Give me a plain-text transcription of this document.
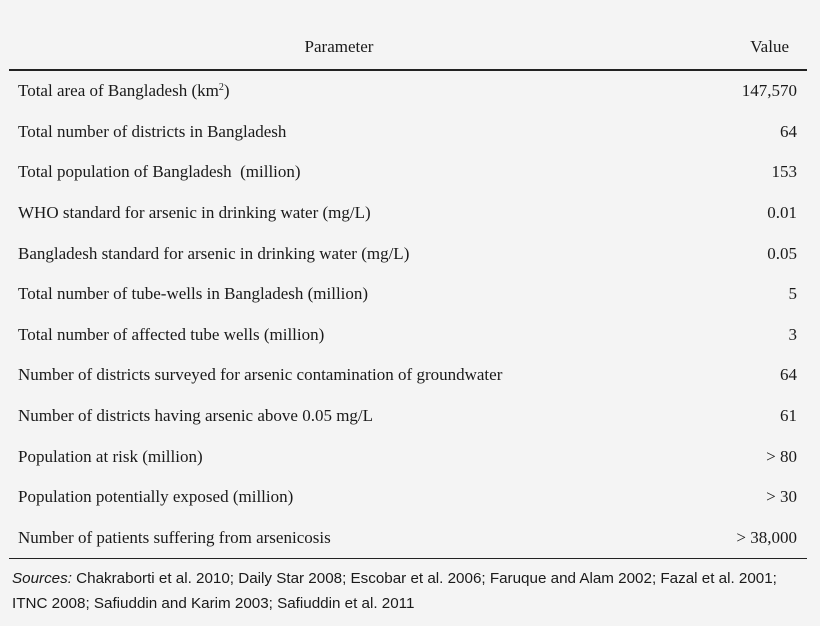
Parameter	Value
Total area of Bangladesh $(km^2)$	147,570
Total number of districts in Bangladesh	64
Total population of Bangladesh  (million)	153
WHO standard for arsenic in drinking water (mg/L)	0.01
Bangladesh standard for arsenic in drinking water (mg/L)	0.05
Total number of tube-wells in Bangladesh (million)	5
Total number of affected tube wells (million)	3
Number of districts surveyed for arsenic contamination of groundwater	64
Number of districts having arsenic above 0.05 mg/L	61
Population at risk (million)	> 80
Population potentially exposed (million)	> 30
Number of patients suffering from arsenicosis	> 38,000
Sources: Chakraborti et al. 2010; Daily Star 2008; Escobar et al. 2006; Faruque and Alam 2002; Fazal et al. 2001; ITNC 2008; Safiuddin and Karim 2003; Safiuddin et al. 2011
